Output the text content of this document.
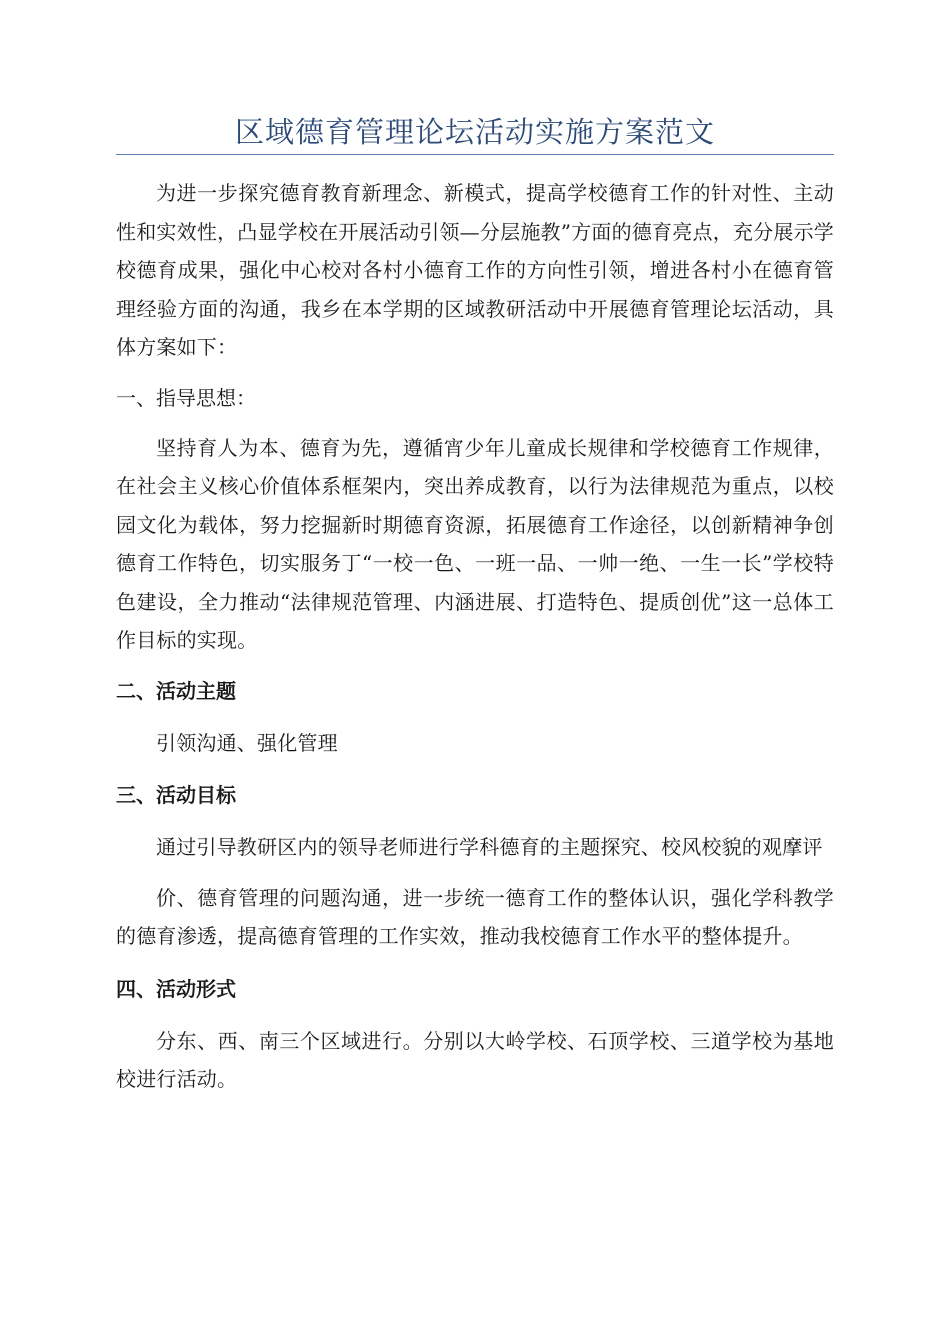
区域德育管理论坛活动实施方案范文

为进一步探究德育教育新理念、新模式，提高学校德育工作的针对性、主动性和实效性，凸显学校在开展活动引领—分层施教”方面的德育亮点，充分展示学校德育成果，强化中心校对各村小德育工作的方向性引领，增进各村小在德育管理经验方面的沟通，我乡在本学期的区域教研活动中开展德育管理论坛活动，具体方案如下：

一、指导思想：

坚持育人为本、德育为先，遵循宵少年儿童成长规律和学校德育工作规律，在社会主义核心价值体系框架内，突出养成教育，以行为法律规范为重点，以校园文化为载体，努力挖掘新时期德育资源，拓展德育工作途径，以创新精神争创德育工作特色，切实服务丁“一校一色、一班一品、一帅一绝、一生一长”学校特色建设，全力推动“法律规范管理、内涵进展、打造特色、提质创优”这一总体工作目标的实现。

二、活动主题

引领沟通、强化管理

三、活动目标

通过引导教研区内的领导老师进行学科德育的主题探究、校风校貌的观摩评

价、德育管理的问题沟通，进一步统一德育工作的整体认识，强化学科教学的德育渗透，提高德育管理的工作实效，推动我校德育工作水平的整体提升。

四、活动形式

分东、西、南三个区域进行。分别以大岭学校、石顶学校、三道学校为基地校进行活动。
